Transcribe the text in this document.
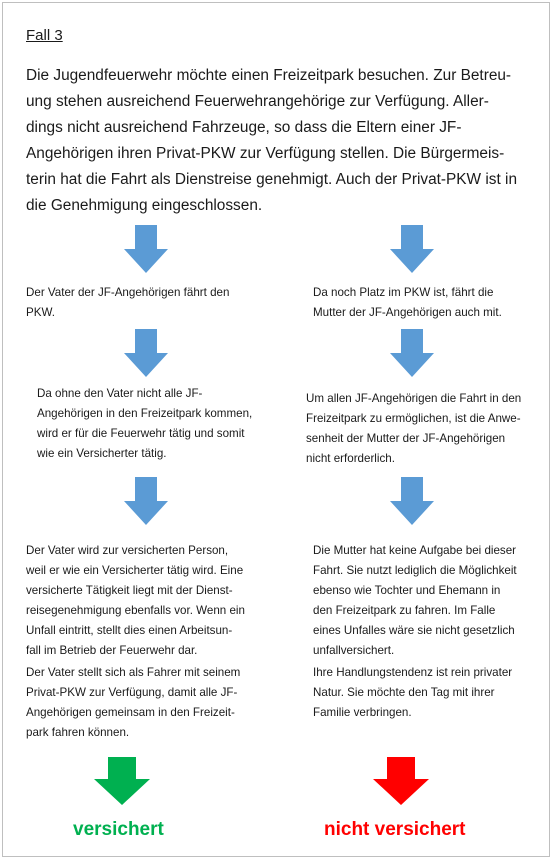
Fall 3
Die Jugendfeuerwehr möchte einen Freizeitpark besuchen. Zur Betreu-
ung stehen ausreichend Feuerwehrangehörige zur Verfügung. Aller-
dings nicht ausreichend Fahrzeuge, so dass die Eltern einer JF-
Angehörigen ihren Privat-PKW zur Verfügung stellen. Die Bürgermeis-
terin hat die Fahrt als Dienstreise genehmigt. Auch der Privat-PKW ist in
die Genehmigung eingeschlossen.
Der Vater der JF-Angehörigen fährt den
PKW.
Da ohne den Vater nicht alle JF-
Angehörigen in den Freizeitpark kommen,
wird er für die Feuerwehr tätig und somit
wie ein Versicherter tätig.
Der Vater wird zur versicherten Person,
weil er wie ein Versicherter tätig wird. Eine
versicherte Tätigkeit liegt mit der Dienst-
reisegenehmigung ebenfalls vor. Wenn ein
Unfall eintritt, stellt dies einen Arbeitsun-
fall im Betrieb der Feuerwehr dar.
Der Vater stellt sich als Fahrer mit seinem
Privat-PKW zur Verfügung, damit alle JF-
Angehörigen gemeinsam in den Freizeit-
park fahren können.
Da noch Platz im PKW ist, fährt die
Mutter der JF-Angehörigen auch mit.
Um allen JF-Angehörigen die Fahrt in den
Freizeitpark zu ermöglichen, ist die Anwe-
senheit der Mutter der JF-Angehörigen
nicht erforderlich.
Die Mutter hat keine Aufgabe bei dieser
Fahrt. Sie nutzt lediglich die Möglichkeit
ebenso wie Tochter und Ehemann in
den Freizeitpark zu fahren. Im Falle
eines Unfalles wäre sie nicht gesetzlich
unfallversichert.
Ihre Handlungstendenz ist rein privater
Natur. Sie möchte den Tag mit ihrer
Familie verbringen.
versichert	nicht versichert
